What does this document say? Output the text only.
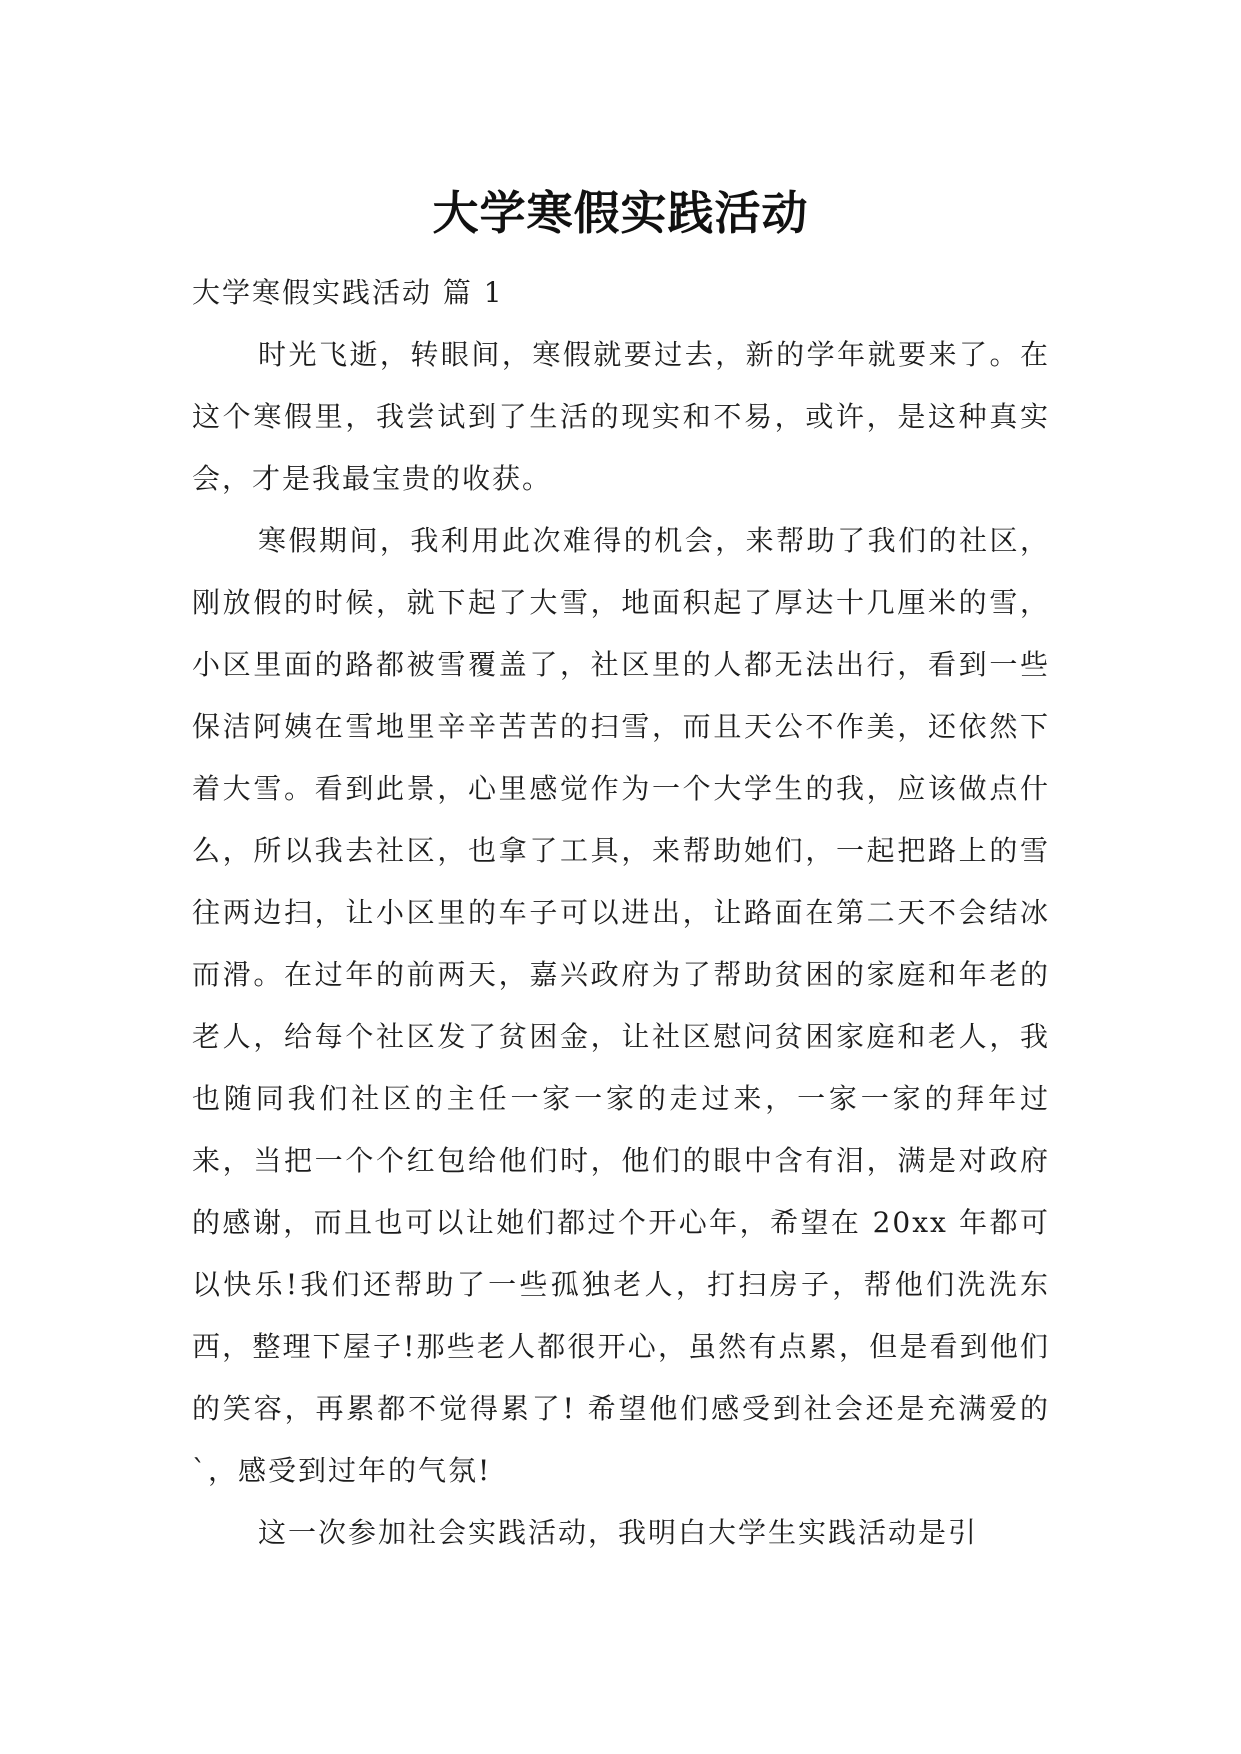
大学寒假实践活动
大学寒假实践活动 篇 1

时光飞逝，转眼间，寒假就要过去，新的学年就要来了。在这个寒假里，我尝试到了生活的现实和不易，或许，是这种真实会，才是我最宝贵的收获。

寒假期间，我利用此次难得的机会，来帮助了我们的社区，刚放假的时候，就下起了大雪，地面积起了厚达十几厘米的雪，小区里面的路都被雪覆盖了，社区里的人都无法出行，看到一些保洁阿姨在雪地里辛辛苦苦的扫雪，而且天公不作美，还依然下着大雪。看到此景，心里感觉作为一个大学生的我，应该做点什么，所以我去社区，也拿了工具，来帮助她们，一起把路上的雪往两边扫，让小区里的车子可以进出，让路面在第二天不会结冰而滑。在过年的前两天，嘉兴政府为了帮助贫困的家庭和年老的老人，给每个社区发了贫困金，让社区慰问贫困家庭和老人，我也随同我们社区的主任一家一家的走过来，一家一家的拜年过来，当把一个个红包给他们时，他们的眼中含有泪，满是对政府的感谢，而且也可以让她们都过个开心年，希望在 20xx 年都可以快乐!我们还帮助了一些孤独老人，打扫房子，帮他们洗洗东西，整理下屋子!那些老人都很开心，虽然有点累，但是看到他们的笑容，再累都不觉得累了! 希望他们感受到社会还是充满爱的`，感受到过年的气氛!

这一次参加社会实践活动，我明白大学生实践活动是引
